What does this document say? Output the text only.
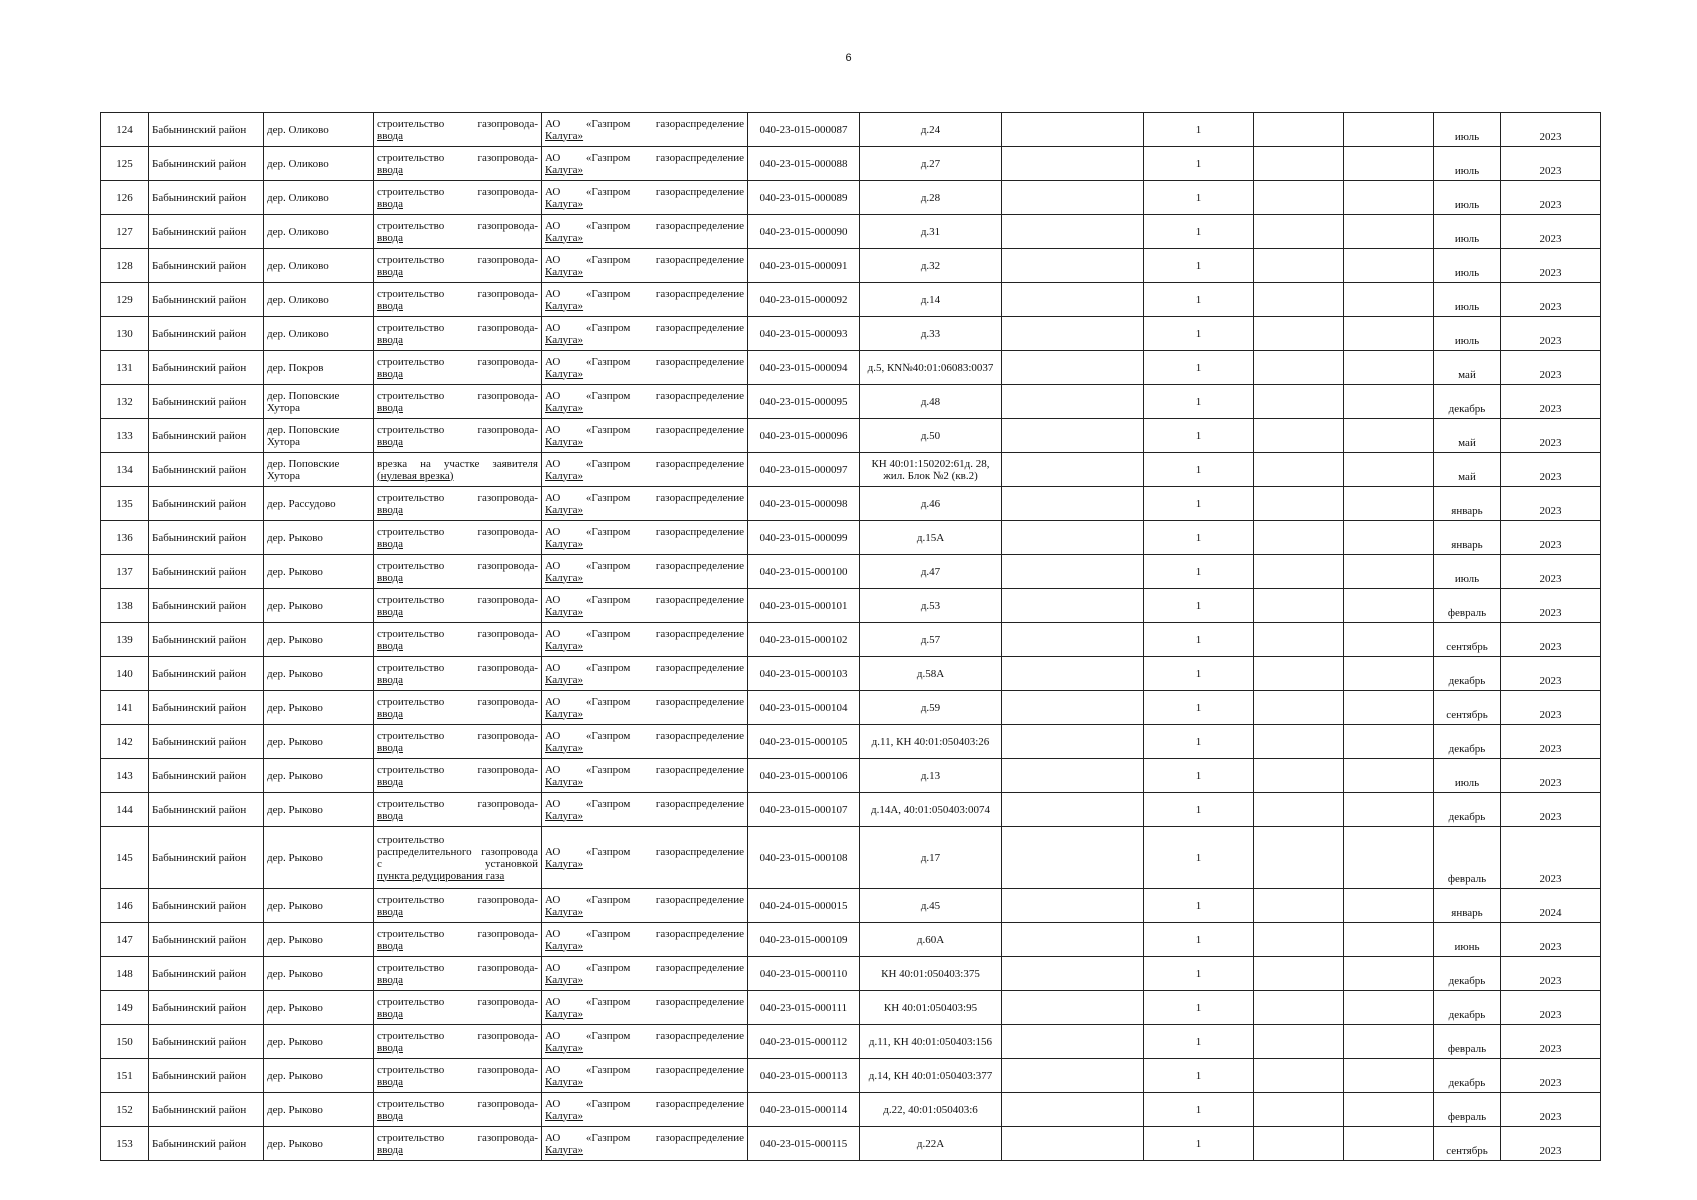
6
124	Бабынинский район	дер. Оликово	строительство газопровода-
ввода	АО «Газпром газораспределение
Калуга»	040-23-015-000087	д.24		1			июль	2023
125	Бабынинский район	дер. Оликово	строительство газопровода-
ввода	АО «Газпром газораспределение
Калуга»	040-23-015-000088	д.27		1			июль	2023
126	Бабынинский район	дер. Оликово	строительство газопровода-
ввода	АО «Газпром газораспределение
Калуга»	040-23-015-000089	д.28		1			июль	2023
127	Бабынинский район	дер. Оликово	строительство газопровода-
ввода	АО «Газпром газораспределение
Калуга»	040-23-015-000090	д.31		1			июль	2023
128	Бабынинский район	дер. Оликово	строительство газопровода-
ввода	АО «Газпром газораспределение
Калуга»	040-23-015-000091	д.32		1			июль	2023
129	Бабынинский район	дер. Оликово	строительство газопровода-
ввода	АО «Газпром газораспределение
Калуга»	040-23-015-000092	д.14		1			июль	2023
130	Бабынинский район	дер. Оликово	строительство газопровода-
ввода	АО «Газпром газораспределение
Калуга»	040-23-015-000093	д.33		1			июль	2023
131	Бабынинский район	дер. Покров	строительство газопровода-
ввода	АО «Газпром газораспределение
Калуга»	040-23-015-000094	д.5, КN№40:01:06083:0037		1			май	2023
132	Бабынинский район	дер. Поповские Хутора	строительство газопровода-
ввода	АО «Газпром газораспределение
Калуга»	040-23-015-000095	д.48		1			декабрь	2023
133	Бабынинский район	дер. Поповские Хутора	строительство газопровода-
ввода	АО «Газпром газораспределение
Калуга»	040-23-015-000096	д.50		1			май	2023
134	Бабынинский район	дер. Поповские Хутора	врезка на участке заявителя
(нулевая врезка)	АО «Газпром газораспределение
Калуга»	040-23-015-000097	КН 40:01:150202:61д. 28, жил. Блок №2 (кв.2)		1			май	2023
135	Бабынинский район	дер. Рассудово	строительство газопровода-
ввода	АО «Газпром газораспределение
Калуга»	040-23-015-000098	д.46		1			январь	2023
136	Бабынинский район	дер. Рыково	строительство газопровода-
ввода	АО «Газпром газораспределение
Калуга»	040-23-015-000099	д.15А		1			январь	2023
137	Бабынинский район	дер. Рыково	строительство газопровода-
ввода	АО «Газпром газораспределение
Калуга»	040-23-015-000100	д.47		1			июль	2023
138	Бабынинский район	дер. Рыково	строительство газопровода-
ввода	АО «Газпром газораспределение
Калуга»	040-23-015-000101	д.53		1			февраль	2023
139	Бабынинский район	дер. Рыково	строительство газопровода-
ввода	АО «Газпром газораспределение
Калуга»	040-23-015-000102	д.57		1			сентябрь	2023
140	Бабынинский район	дер. Рыково	строительство газопровода-
ввода	АО «Газпром газораспределение
Калуга»	040-23-015-000103	д.58А		1			декабрь	2023
141	Бабынинский район	дер. Рыково	строительство газопровода-
ввода	АО «Газпром газораспределение
Калуга»	040-23-015-000104	д.59		1			сентябрь	2023
142	Бабынинский район	дер. Рыково	строительство газопровода-
ввода	АО «Газпром газораспределение
Калуга»	040-23-015-000105	д.11, КН 40:01:050403:26		1			декабрь	2023
143	Бабынинский район	дер. Рыково	строительство газопровода-
ввода	АО «Газпром газораспределение
Калуга»	040-23-015-000106	д.13		1			июль	2023
144	Бабынинский район	дер. Рыково	строительство газопровода-
ввода	АО «Газпром газораспределение
Калуга»	040-23-015-000107	д.14А, 40:01:050403:0074		1			декабрь	2023
145	Бабынинский район	дер. Рыково	строительство распределительного газопровода с установкой
пункта редуцирования газа	АО «Газпром газораспределение
Калуга»	040-23-015-000108	д.17		1			февраль	2023
146	Бабынинский район	дер. Рыково	строительство газопровода-
ввода	АО «Газпром газораспределение
Калуга»	040-24-015-000015	д.45		1			январь	2024
147	Бабынинский район	дер. Рыково	строительство газопровода-
ввода	АО «Газпром газораспределение
Калуга»	040-23-015-000109	д.60А		1			июнь	2023
148	Бабынинский район	дер. Рыково	строительство газопровода-
ввода	АО «Газпром газораспределение
Калуга»	040-23-015-000110	КН 40:01:050403:375		1			декабрь	2023
149	Бабынинский район	дер. Рыково	строительство газопровода-
ввода	АО «Газпром газораспределение
Калуга»	040-23-015-000111	КН 40:01:050403:95		1			декабрь	2023
150	Бабынинский район	дер. Рыково	строительство газопровода-
ввода	АО «Газпром газораспределение
Калуга»	040-23-015-000112	д.11, КН 40:01:050403:156		1			февраль	2023
151	Бабынинский район	дер. Рыково	строительство газопровода-
ввода	АО «Газпром газораспределение
Калуга»	040-23-015-000113	д.14, КН 40:01:050403:377		1			декабрь	2023
152	Бабынинский район	дер. Рыково	строительство газопровода-
ввода	АО «Газпром газораспределение
Калуга»	040-23-015-000114	д.22, 40:01:050403:6		1			февраль	2023
153	Бабынинский район	дер. Рыково	строительство газопровода-
ввода	АО «Газпром газораспределение
Калуга»	040-23-015-000115	д.22А		1			сентябрь	2023
